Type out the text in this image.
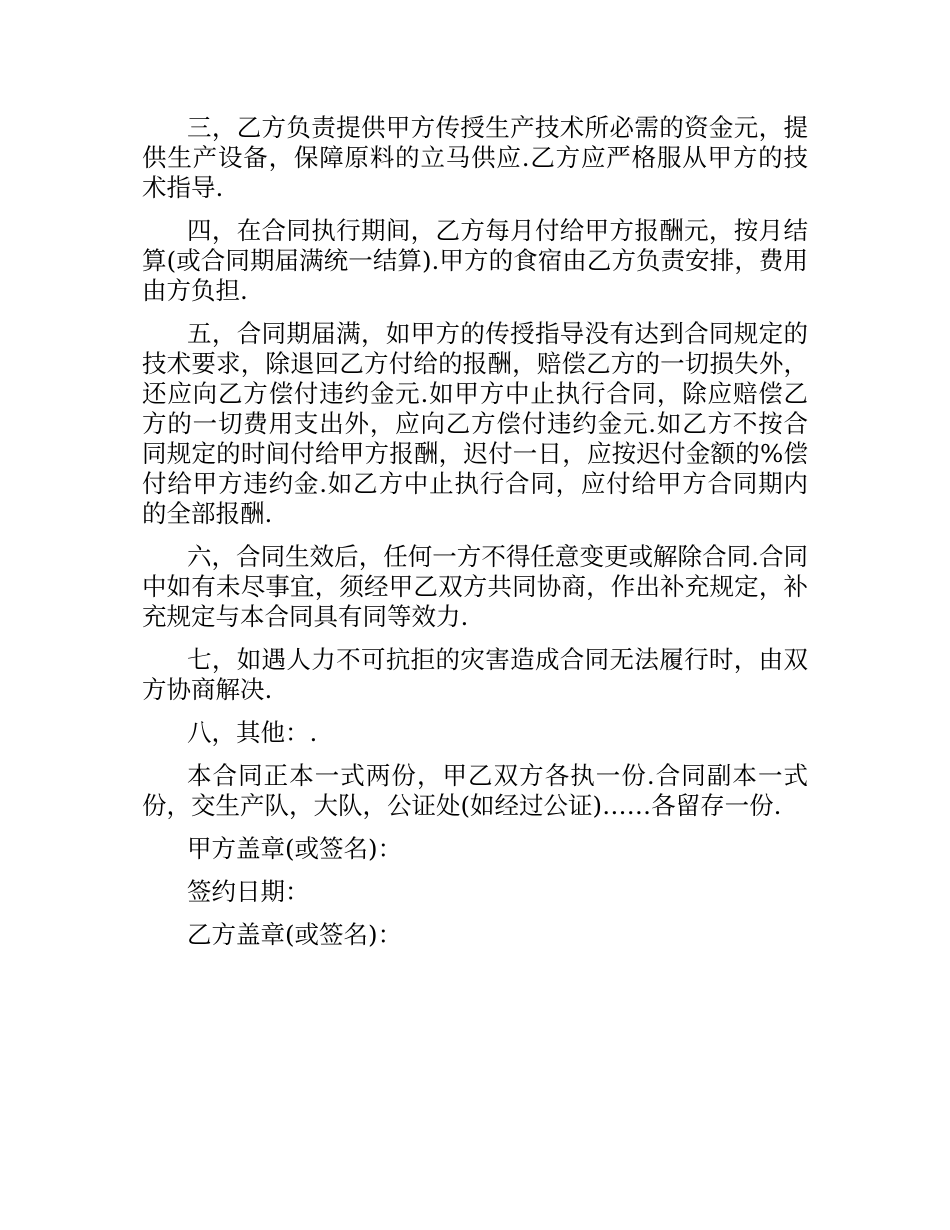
三，乙方负责提供甲方传授生产技术所必需的资金元，提供生产设备，保障原料的立马供应.乙方应严格服从甲方的技术指导.

四，在合同执行期间，乙方每月付给甲方报酬元，按月结算(或合同期届满统一结算).甲方的食宿由乙方负责安排，费用由方负担.

五，合同期届满，如甲方的传授指导没有达到合同规定的技术要求，除退回乙方付给的报酬，赔偿乙方的一切损失外，还应向乙方偿付违约金元.如甲方中止执行合同，除应赔偿乙方的一切费用支出外，应向乙方偿付违约金元.如乙方不按合同规定的时间付给甲方报酬，迟付一日，应按迟付金额的%偿付给甲方违约金.如乙方中止执行合同，应付给甲方合同期内的全部报酬.

六，合同生效后，任何一方不得任意变更或解除合同.合同中如有未尽事宜，须经甲乙双方共同协商，作出补充规定，补充规定与本合同具有同等效力.

七，如遇人力不可抗拒的灾害造成合同无法履行时，由双方协商解决.

八，其他：.

本合同正本一式两份，甲乙双方各执一份.合同副本一式份，交生产队，大队，公证处(如经过公证)……各留存一份.

甲方盖章(或签名)：

签约日期：

乙方盖章(或签名)：
